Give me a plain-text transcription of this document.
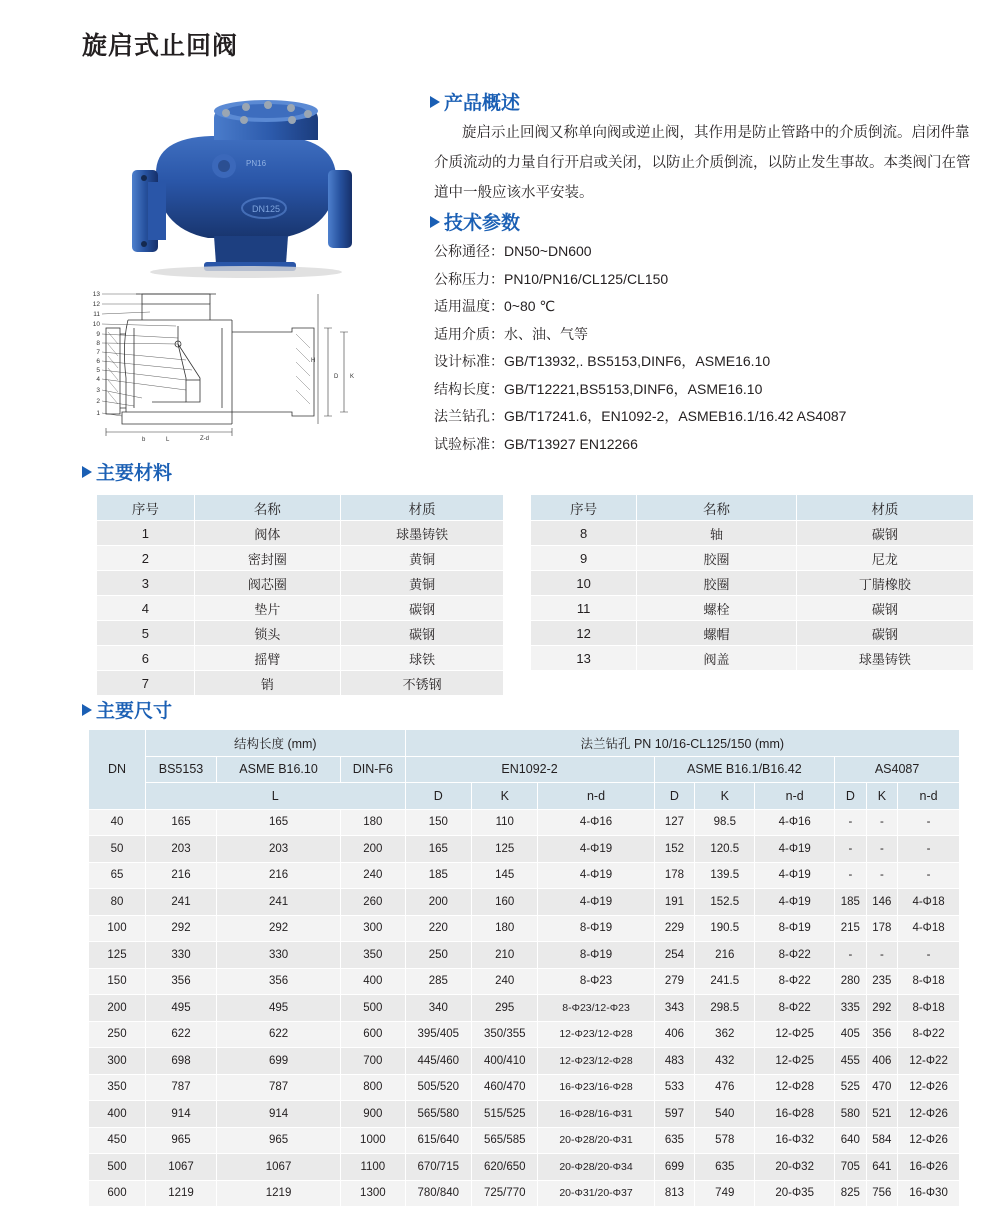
旋启式止回阀
DN125
PN16
L
b	Z-d
D K
H
13
12
11
10
9
8
7
6
5
4
3
2
1
产品概述
旋启示止回阀又称单向阀或逆止阀，其作用是防止管路中的介质倒流。启闭件靠介质流动的力量自行开启或关闭，以防止介质倒流，以防止发生事故。本类阀门在管道中一般应该水平安装。
技术参数
公称通径：DN50~DN600
公称压力：PN10/PN16/CL125/CL150
适用温度：0~80 ℃
适用介质：水、油、气等
设计标准：GB/T13932,. BS5153,DINF6，ASME16.10
结构长度：GB/T12221,BS5153,DINF6，ASME16.10
法兰钻孔：GB/T17241.6，EN1092-2，ASMEB16.1/16.42 AS4087
试验标准：GB/T13927 EN12266
主要材料
序号	名称	材质
1	阀体	球墨铸铁
2	密封圈	黄铜
3	阀芯圈	黄铜
4	垫片	碳钢
5	锁头	碳钢
6	摇臂	球铁
7	销	不锈钢
序号	名称	材质
8	轴	碳钢
9	胶圈	尼龙
10	胶圈	丁腈橡胶
11	螺栓	碳钢
12	螺帽	碳钢
13	阀盖	球墨铸铁
主要尺寸
DN	结构长度 (mm)			法兰钻孔 PN 10/16-CL125/150 (mm)								
	BS5153	ASME B16.10	DIN-F6	EN1092-2			ASME B16.1/B16.42			AS4087		
	L			D	K	n-d	D	K	n-d	D	K	n-d
40	165	165	180	150	110	4-Φ16	127	98.5	4-Φ16	-	-	-
50	203	203	200	165	125	4-Φ19	152	120.5	4-Φ19	-	-	-
65	216	216	240	185	145	4-Φ19	178	139.5	4-Φ19	-	-	-
80	241	241	260	200	160	4-Φ19	191	152.5	4-Φ19	185	146	4-Φ18
100	292	292	300	220	180	8-Φ19	229	190.5	8-Φ19	215	178	4-Φ18
125	330	330	350	250	210	8-Φ19	254	216	8-Φ22	-	-	-
150	356	356	400	285	240	8-Φ23	279	241.5	8-Φ22	280	235	8-Φ18
200	495	495	500	340	295	8-Φ23/12-Φ23	343	298.5	8-Φ22	335	292	8-Φ18
250	622	622	600	395/405	350/355	12-Φ23/12-Φ28	406	362	12-Φ25	405	356	8-Φ22
300	698	699	700	445/460	400/410	12-Φ23/12-Φ28	483	432	12-Φ25	455	406	12-Φ22
350	787	787	800	505/520	460/470	16-Φ23/16-Φ28	533	476	12-Φ28	525	470	12-Φ26
400	914	914	900	565/580	515/525	16-Φ28/16-Φ31	597	540	16-Φ28	580	521	12-Φ26
450	965	965	1000	615/640	565/585	20-Φ28/20-Φ31	635	578	16-Φ32	640	584	12-Φ26
500	1067	1067	1100	670/715	620/650	20-Φ28/20-Φ34	699	635	20-Φ32	705	641	16-Φ26
600	1219	1219	1300	780/840	725/770	20-Φ31/20-Φ37	813	749	20-Φ35	825	756	16-Φ30
